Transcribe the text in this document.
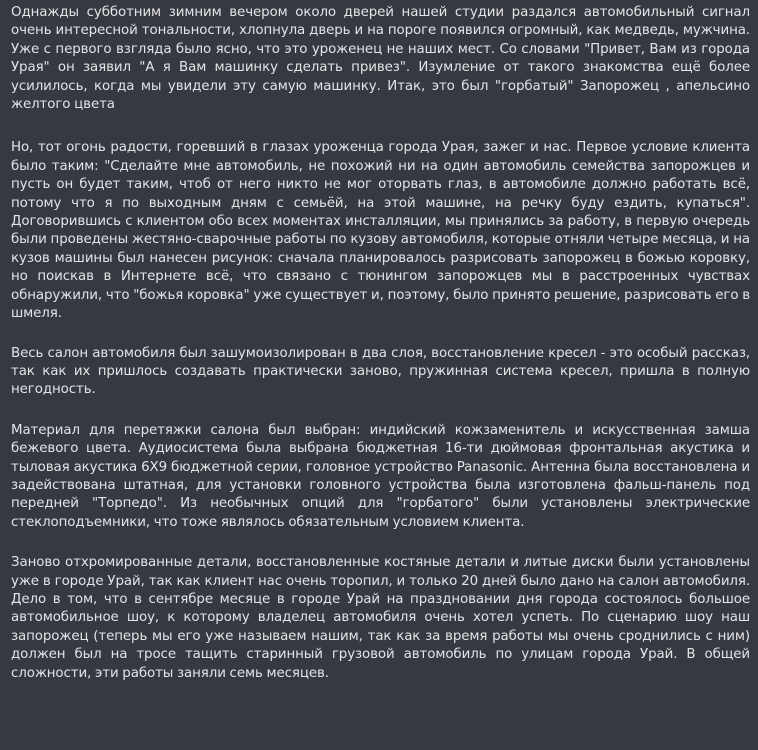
Однажды субботним зимним вечером около дверей нашей студии раздался автомобильный сигнал очень интересной тональности, хлопнула дверь и на пороге появился огромный, как медведь, мужчина. Уже с первого взгляда было ясно, что это уроженец не наших мест. Со словами "Привет, Вам из города Урая" он заявил "А я Вам машинку сделать привез". Изумление от такого знакомства ещё более усилилось, когда мы увидели эту самую машинку. Итак, это был "горбатый" Запорожец , апельсино желтого цвета

Но, тот огонь радости, горевший в глазах уроженца города Урая, зажег и нас. Первое условие клиента было таким: "Сделайте мне автомобиль, не похожий ни на один автомобиль семейства запорожцев и пусть он будет таким, чтоб от него никто не мог оторвать глаз, в автомобиле должно работать всё, потому что я по выходным дням с семьёй, на этой машине, на речку буду ездить, купаться". Договорившись с клиентом обо всех моментах инсталляции, мы принялись за работу, в первую очередь были проведены жестяно-сварочные работы по кузову автомобиля, которые отняли четыре месяца, и на кузов машины был нанесен рисунок: сначала планировалось разрисовать запорожец в божью коровку, но поискав в Интернете всё, что связано с тюнингом запорожцев мы в расстроенных чувствах обнаружили, что "божья коровка" уже существует и, поэтому, было принято решение, разрисовать его в шмеля.

Весь салон автомобиля был зашумоизолирован в два слоя, восстановление кресел - это особый рассказ, так как их пришлось создавать практически заново, пружинная система кресел, пришла в полную негодность.

Материал для перетяжки салона был выбран: индийский кожзаменитель и искусственная замша бежевого цвета. Аудиосистема была выбрана бюджетная 16-ти дюймовая фронтальная акустика и тыловая акустика 6Х9 бюджетной серии, головное устройство Panasonic. Антенна была восстановлена и задействована штатная, для установки головного устройства была изготовлена фальш-панель под передней "Торпедо". Из необычных опций для "горбатого" были установлены электрические стеклоподъемники, что тоже являлось обязательным условием клиента.

Заново отхромированные детали, восстановленные костяные детали и литые диски были установлены уже в городе Урай, так как клиент нас очень торопил, и только 20 дней было дано на салон автомобиля. Дело в том, что в сентябре месяце в городе Урай на праздновании дня города состоялось большое автомобильное шоу, к которому владелец автомобиля очень хотел успеть. По сценарию шоу наш запорожец (теперь мы его уже называем нашим, так как за время работы мы очень сроднились с ним) должен был на тросе тащить старинный грузовой автомобиль по улицам города Урай. В общей сложности, эти работы заняли семь месяцев.
